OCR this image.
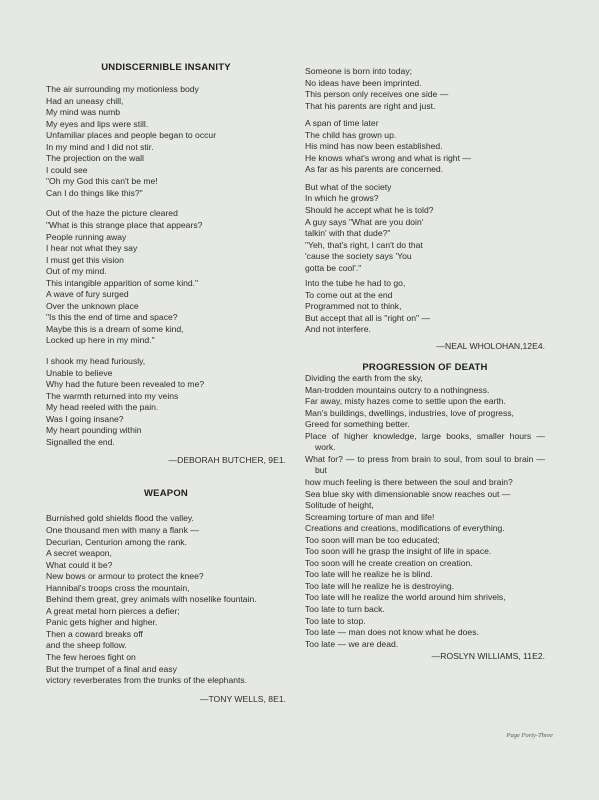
UNDISCERNIBLE INSANITY
The air surrounding my motionless body
Had an uneasy chill,
My mind was numb
My eyes and lips were still.
Unfamiliar places and people began to occur
In my mind and I did not stir.
The projection on the wall
I could see
"Oh my God this can't be me!
Can I do things like this?"
Out of the haze the picture cleared
"What is this strange place that appears?
People running away
I hear not what they say
I must get this vision
Out of my mind.
This intangible apparition of some kind."
A wave of fury surged
Over the unknown place
"Is this the end of time and space?
Maybe this is a dream of some kind,
Locked up here in my mind."
I shook my head furiously,
Unable to believe
Why had the future been revealed to me?
The warmth returned into my veins
My head reeled with the pain.
Was I going insane?
My heart pounding within
Signalled the end.
—DEBORAH BUTCHER, 9E1.
WEAPON
Burnished gold shields flood the valley.
One thousand men with many a flank —
Decurian, Centurion among the rank.
A secret weapon,
What could it be?
New bows or armour to protect the knee?
Hannibal's troops cross the mountain,
Behind them great, grey animals with noselike fountain.
A great metal horn pierces a defier;
Panic gets higher and higher.
Then a coward breaks off
and the sheep follow.
The few heroes fight on
But the trumpet of a final and easy
victory reverberates from the trunks of the elephants.
—TONY WELLS, 8E1.
Someone is born into today;
No ideas have been imprinted.
This person only receives one side —
That his parents are right and just.
A span of time later
The child has grown up.
His mind has now been established.
He knows what's wrong and what is right —
As far as his parents are concerned.
But what of the society
In which he grows?
Should he accept what he is told?
A guy says "What are you doin'
talkin' with that dude?"
"Yeh, that's right, I can't do that
'cause the society says 'You
gotta be cool'."
Into the tube he had to go,
To come out at the end
Programmed not to think,
But accept that all is "right on" —
And not interfere.
—NEAL WHOLOHAN,12E4.
PROGRESSION OF DEATH
Dividing the earth from the sky,
Man-trodden mountains outcry to a nothingness.
Far away, misty hazes come to settle upon the earth.
Man's buildings, dwellings, industries, love of progress,
Greed for something better.
Place of higher knowledge, large books, smaller hours — work.
What for? — to press from brain to soul, from soul to brain — but
how much feeling is there between the soul and brain?
Sea blue sky with dimensionable snow reaches out —
Solitude of height,
Screaming torture of man and life!
Creations and creations, modifications of everything.
Too soon will man be too educated;
Too soon will he grasp the insight of life in space.
Too soon will he create creation on creation.
Too late will he realize he is blind.
Too late will he realize he is destroying.
Too late will he realize the world around him shrivels,
Too late to turn back.
Too late to stop.
Too late — man does not know what he does.
Too late — we are dead.
—ROSLYN WILLIAMS, 11E2.
Page Forty-Three
